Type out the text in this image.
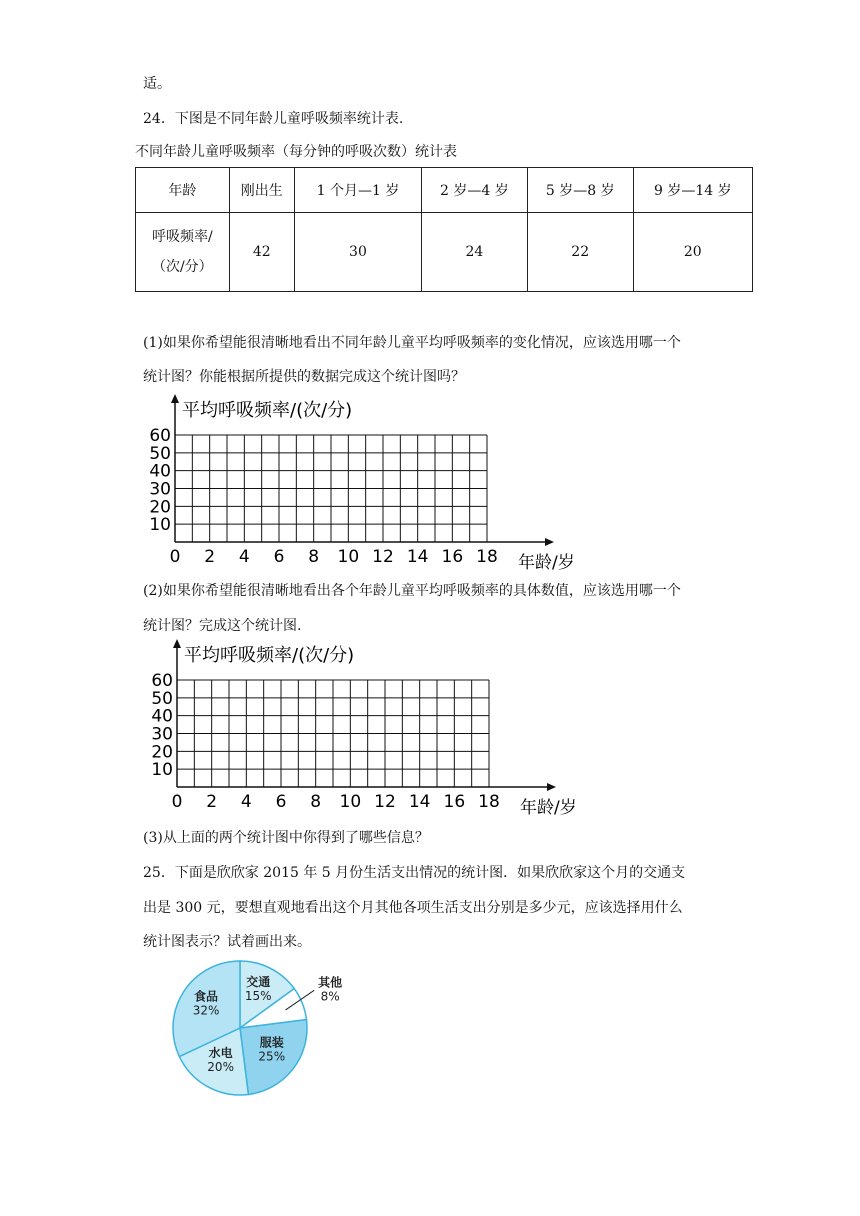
适。
24．下图是不同年龄儿童呼吸频率统计表.
不同年龄儿童呼吸频率（每分钟的呼吸次数）统计表
年龄	刚出生	1 个月—1 岁	2 岁—4 岁	5 岁—8 岁	9 岁—14 岁

呼吸频率/
（次/分）	42	30	24	22	20
(1)如果你希望能很清晰地看出不同年龄儿童平均呼吸频率的变化情况，应该选用哪一个
统计图？你能根据所提供的数据完成这个统计图吗？
平均呼吸频率/(次/分)
年龄/岁
60
50
40
30
20
10
0 2 4 6 8 10 12 14 16 18
(2)如果你希望能很清晰地看出各个年龄儿童平均呼吸频率的具体数值，应该选用哪一个
统计图？完成这个统计图.
平均呼吸频率/(次/分)
年龄/岁
60
50
40
30
20
10
0 2 4 6 8 10 12 14 16 18
(3)从上面的两个统计图中你得到了哪些信息？
25．下面是欣欣家 2015 年 5 月份生活支出情况的统计图．如果欣欣家这个月的交通支
出是 300 元，要想直观地看出这个月其他各项生活支出分别是多少元，应该选择用什么
统计图表示？试着画出来。
交通
15%
其他
8%
服装
25%
水电
20%
食品
32%
